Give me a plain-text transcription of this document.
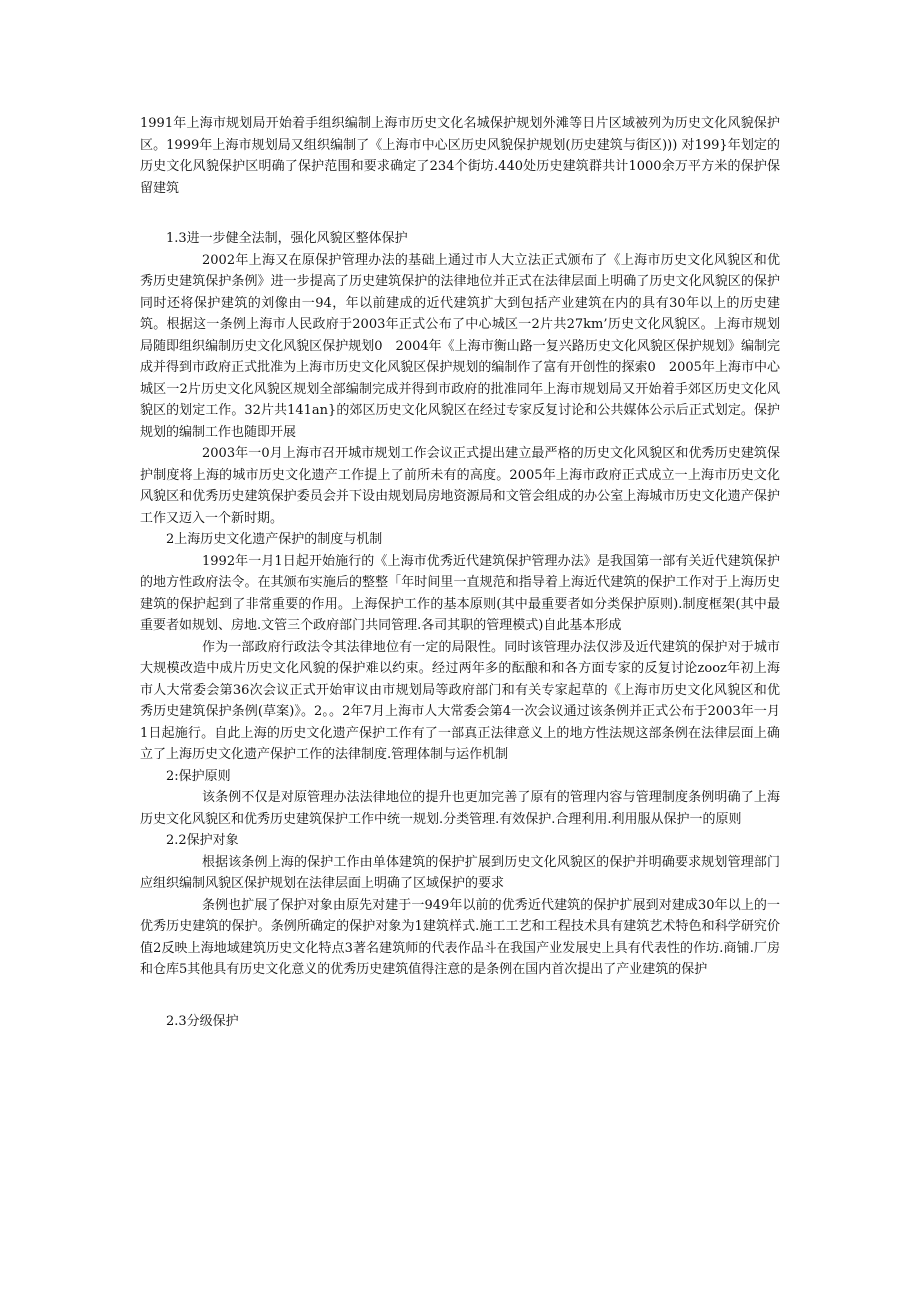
1991年上海市规划局开始着手组织编制上海市历史文化名城保护规划外滩等日片区域被列为历史文化风貌保护区。1999年上海市规划局又组织编制了《上海市中心区历史风貌保护规划(历史建筑与街区))) 对199}年划定的历史文化风貌保护区明确了保护范围和要求确定了234个街坊.440处历史建筑群共计1000余万平方米的保护保留建筑

1.3进一步健全法制，强化风貌区整体保护

2002年上海又在原保护管理办法的基础上通过市人大立法正式颁布了《上海市历史文化风貌区和优秀历史建筑保护条例》进一步提高了历史建筑保护的法律地位并正式在法律层面上明确了历史文化风貌区的保护同时还将保护建筑的刘像由一94，年以前建成的近代建筑扩大到包括产业建筑在内的具有30年以上的历史建筑。根据这一条例上海市人民政府于2003年正式公布了中心城区一2片共27km’历史文化风貌区。上海市规划局随即组织编制历史文化风貌区保护规划0　2004年《上海市衡山路一复兴路历史文化风貌区保护规划》编制完成并得到市政府正式批准为上海市历史文化风貌区保护规划的编制作了富有开创性的探索0　2005年上海市中心城区一2片历史文化风貌区规划全部编制完成并得到市政府的批准同年上海市规划局又开始着手郊区历史文化风貌区的划定工作。32片共141an}的郊区历史文化风貌区在经过专家反复讨论和公共媒体公示后正式划定。保护规划的编制工作也随即开展

2003年一0月上海市召开城市规划工作会议正式提出建立最严格的历史文化风貌区和优秀历史建筑保护制度将上海的城市历史文化遗产工作提上了前所未有的高度。2005年上海市政府正式成立一上海市历史文化风貌区和优秀历史建筑保护委员会并下设由规划局房地资源局和文管会组成的办公室上海城市历史文化遗产保护工作又迈入一个新时期。

2上海历史文化遗产保护的制度与机制

1992年一月1日起开始施行的《上海市优秀近代建筑保护管理办法》是我国第一部有关近代建筑保护的地方性政府法令。在其颁布实施后的整整「年时间里一直规范和指导着上海近代建筑的保护工作对于上海历史建筑的保护起到了非常重要的作用。上海保护工作的基本原则(其中最重要者如分类保护原则).制度框架(其中最重要者如规划、房地.文管三个政府部门共同管理.各司其职的管理模式)自此基本形成

作为一部政府行政法令其法律地位有一定的局限性。同时该管理办法仅涉及近代建筑的保护对于城市大规模改造中成片历史文化风貌的保护难以约束。经过两年多的酝酿和和各方面专家的反复讨论zooz年初上海市人大常委会第36次会议正式开始审议由市规划局等政府部门和有关专家起草的《上海市历史文化风貌区和优秀历史建筑保护条例(草案)》。2。。2年7月上海市人大常委会第4一次会议通过该条例并正式公布于2003年一月1日起施行。自此上海的历史文化遗产保护工作有了一部真正法律意义上的地方性法规这部条例在法律层面上确立了上海历史文化遗产保护工作的法律制度.管理体制与运作机制

2:保护原则

该条例不仅是对原管理办法法律地位的提升也更加完善了原有的管理内容与管理制度条例明确了上海历史文化风貌区和优秀历史建筑保护工作中统一规划.分类管理.有效保护.合理利用.利用服从保护一的原则

2.2保护对象

根据该条例上海的保护工作由单体建筑的保护扩展到历史文化风貌区的保护并明确要求规划管理部门应组织编制风貌区保护规划在法律层面上明确了区域保护的要求

条例也扩展了保护对象由原先对建于一949年以前的优秀近代建筑的保护扩展到对建成30年以上的一优秀历史建筑的保护。条例所确定的保护对象为1建筑样式.施工工艺和工程技术具有建筑艺术特色和科学研究价值2反映上海地域建筑历史文化特点3著名建筑师的代表作品斗在我国产业发展史上具有代表性的作坊.商铺.厂房和仓库5其他具有历史文化意义的优秀历史建筑值得注意的是条例在国内首次提出了产业建筑的保护

2.3分级保护
